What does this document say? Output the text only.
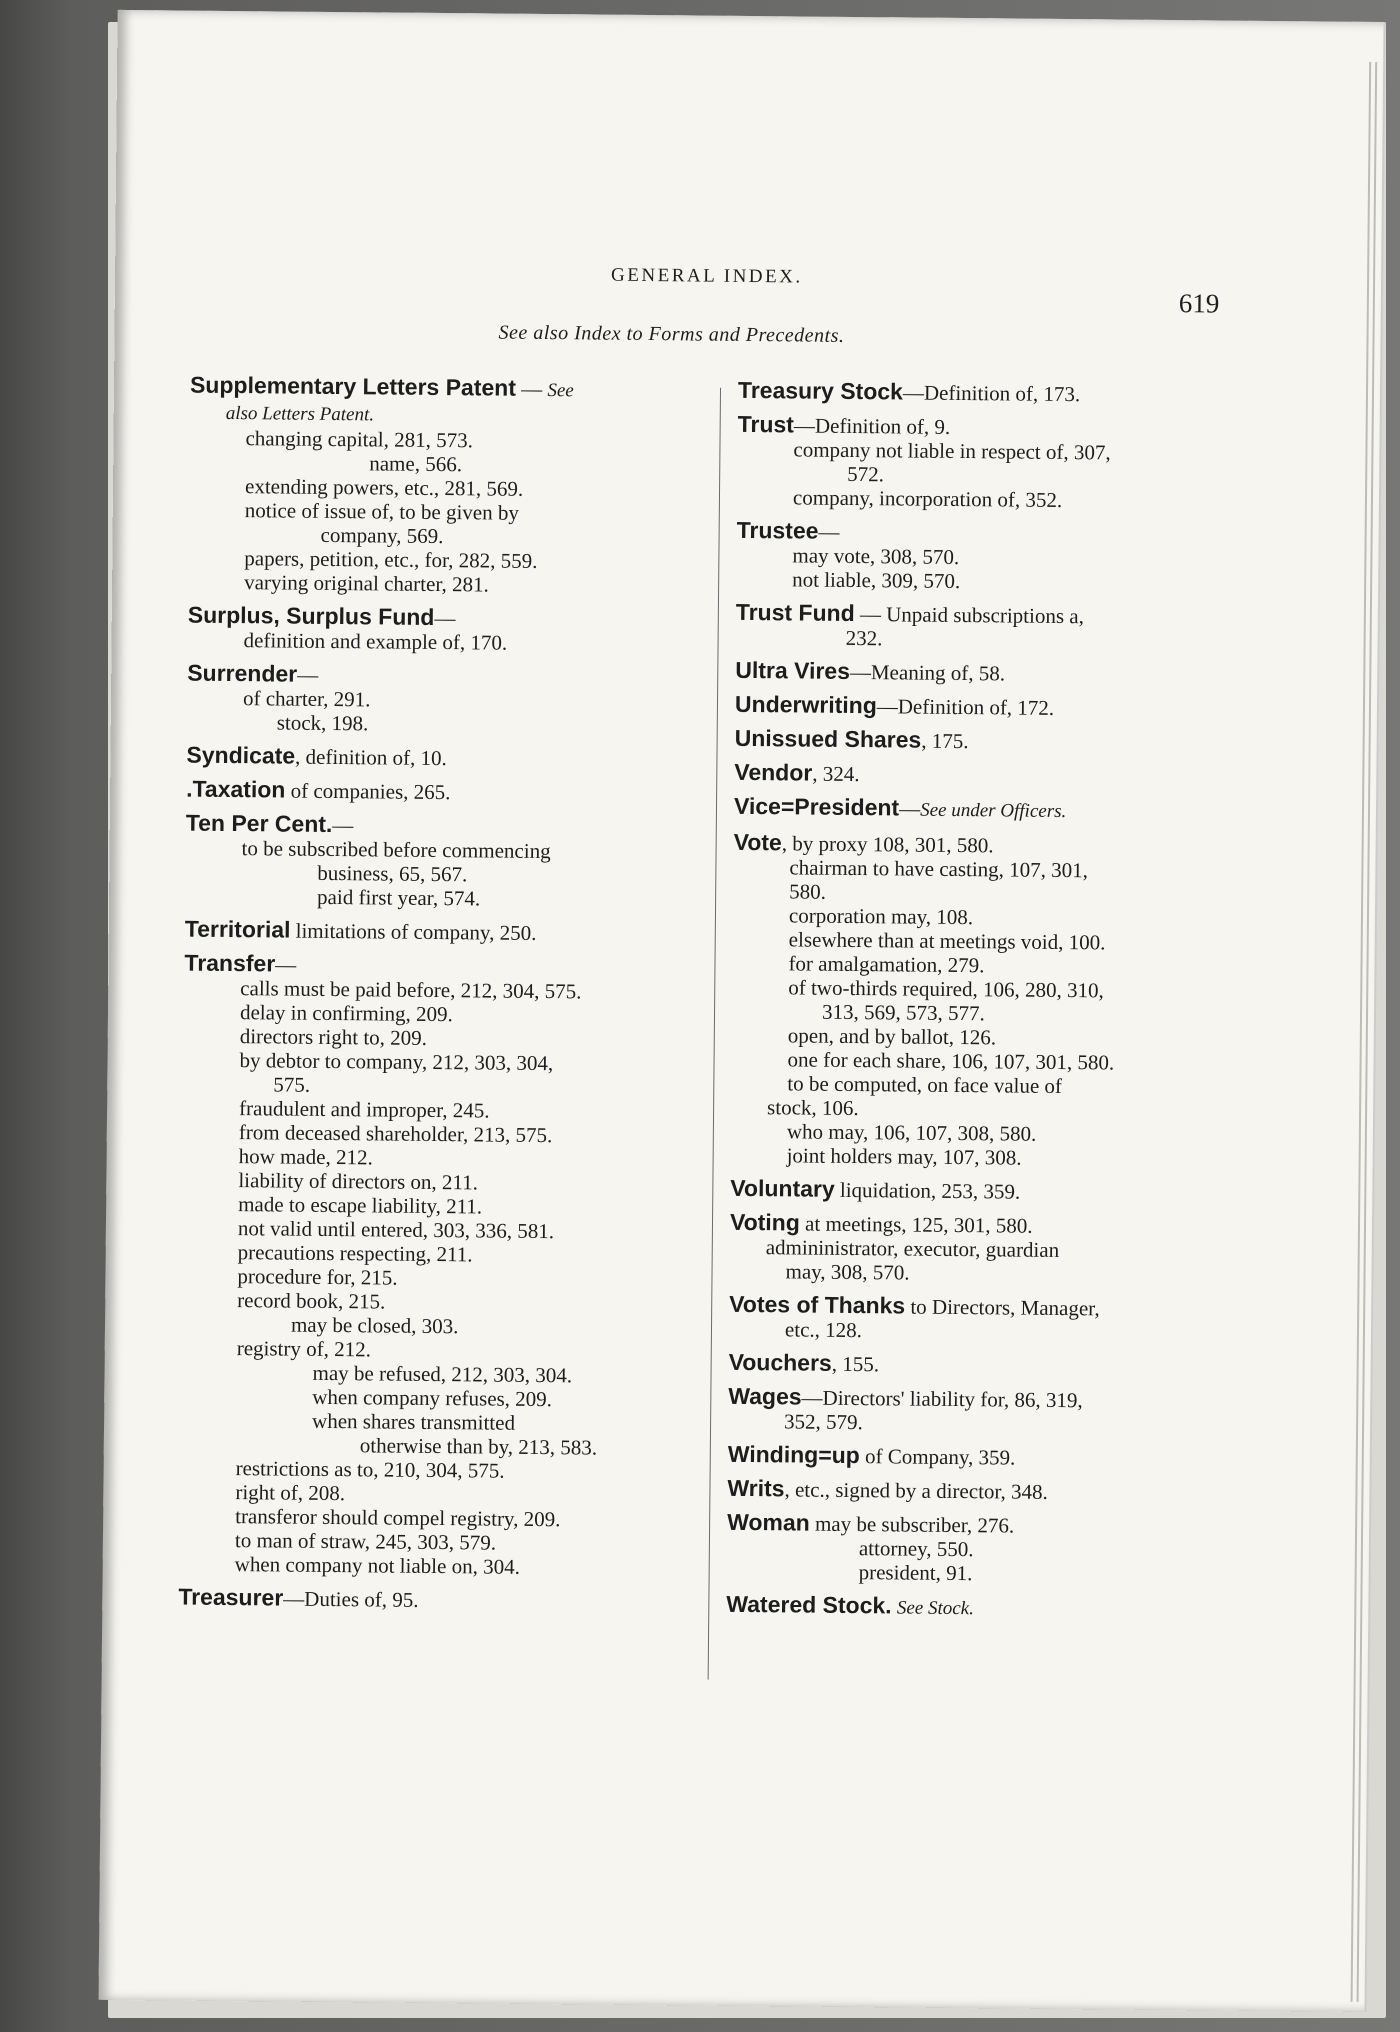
GENERAL INDEX.
619
See also Index to Forms and Precedents.
Supplementary Letters Patent — See
also Letters Patent.
changing capital, 281, 573.
name, 566.
extending powers, etc., 281, 569.
notice of issue of, to be given by
company, 569.
papers, petition, etc., for, 282, 559.
varying original charter, 281.
Surplus, Surplus Fund—
definition and example of, 170.
Surrender—
of charter, 291.
stock, 198.
Syndicate, definition of, 10.
.Taxation of companies, 265.
Ten Per Cent.—
to be subscribed before commencing
business, 65, 567.
paid first year, 574.
Territorial limitations of company, 250.
Transfer—
calls must be paid before, 212, 304, 575.
delay in confirming, 209.
directors right to, 209.
by debtor to company, 212, 303, 304,
575.
fraudulent and improper, 245.
from deceased shareholder, 213, 575.
how made, 212.
liability of directors on, 211.
made to escape liability, 211.
not valid until entered, 303, 336, 581.
precautions respecting, 211.
procedure for, 215.
record book, 215.
may be closed, 303.
registry of, 212.
may be refused, 212, 303, 304.
when company refuses, 209.
when shares transmitted
otherwise than by, 213, 583.
restrictions as to, 210, 304, 575.
right of, 208.
transferor should compel registry, 209.
to man of straw, 245, 303, 579.
when company not liable on, 304.
Treasurer—Duties of, 95.
Treasury Stock—Definition of, 173.
Trust—Definition of, 9.
company not liable in respect of, 307,
572.
company, incorporation of, 352.
Trustee—
may vote, 308, 570.
not liable, 309, 570.
Trust Fund — Unpaid subscriptions a,
232.
Ultra Vires—Meaning of, 58.
Underwriting—Definition of, 172.
Unissued Shares, 175.
Vendor, 324.
Vice=President—See under Officers.
Vote, by proxy 108, 301, 580.
chairman to have casting, 107, 301,
580.
corporation may, 108.
elsewhere than at meetings void, 100.
for amalgamation, 279.
of two-thirds required, 106, 280, 310,
313, 569, 573, 577.
open, and by ballot, 126.
one for each share, 106, 107, 301, 580.
to be computed, on face value of
stock, 106.
who may, 106, 107, 308, 580.
joint holders may, 107, 308.
Voluntary liquidation, 253, 359.
Voting at meetings, 125, 301, 580.
admininistrator, executor, guardian
may, 308, 570.
Votes of Thanks to Directors, Manager,
etc., 128.
Vouchers, 155.
Wages—Directors' liability for, 86, 319,
352, 579.
Winding=up of Company, 359.
Writs, etc., signed by a director, 348.
Woman may be subscriber, 276.
attorney, 550.
president, 91.
Watered Stock. See Stock.
